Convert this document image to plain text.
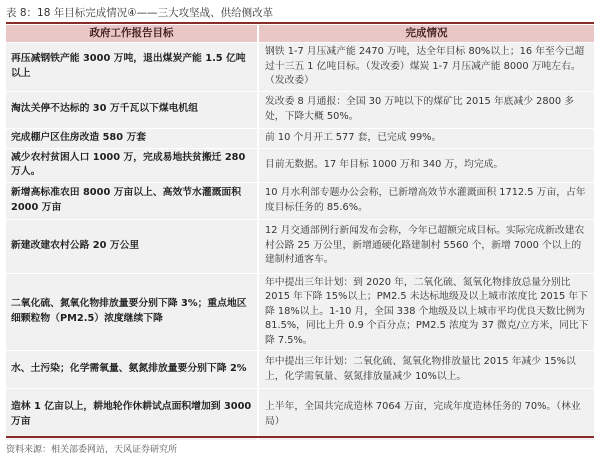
表 8：18 年目标完成情况④——三大攻坚战、供给侧改革
政府工作报告目标	完成情况
再压减钢铁产能 3000 万吨，退出煤炭产能 1.5 亿吨以上	钢铁 1-7 月压减产能 2470 万吨，达全年目标 80%以上；16 年至今已超过十三五 1 亿吨目标。（发改委）煤炭 1-7 月压减产能 8000 万吨左右。（发改委）
淘汰关停不达标的 30 万千瓦以下煤电机组	发改委 8 月通报：全国 30 万吨以下的煤矿比 2015 年底减少 2800 多处，下降大概 50%。
完成棚户区住房改造 580 万套	前 10 个月开工 577 套，已完成 99%。
减少农村贫困人口 1000 万，完成易地扶贫搬迁 280 万人。	目前无数据。17 年目标 1000 万和 340 万，均完成。
新增高标准农田 8000 万亩以上、高效节水灌溉面积 2000 万亩	10 月水利部专题办公会称，已新增高效节水灌溉面积 1712.5 万亩，占年度目标任务的 85.6%。
新建改建农村公路 20 万公里	12 月交通部例行新闻发布会称，今年已超额完成目标。实际完成新改建农村公路 25 万公里，新增通硬化路建制村 5560 个，新增 7000 个以上的建制村通客车。
二氧化硫、氮氧化物排放量要分别下降 3%；重点地区细颗粒物（PM2.5）浓度继续下降	年中提出三年计划：到 2020 年，二氧化硫、氮氧化物排放总量分别比 2015 年下降 15%以上；PM2.5 未达标地级及以上城市浓度比 2015 年下降 18%以上。1-10 月，全国 338 个地级及以上城市平均优良天数比例为 81.5%，同比上升 0.9 个百分点；PM2.5 浓度为 37 微克/立方米，同比下降 7.5%。
水、土污染；化学需氧量、氨氮排放量要分别下降 2%	年中提出三年计划：二氧化硫、氮氧化物排放量比 2015 年减少 15%以上，化学需氧量、氨氮排放量减少 10%以上。
造林 1 亿亩以上，耕地轮作休耕试点面积增加到 3000 万亩	上半年，全国共完成造林 7064 万亩，完成年度造林任务的 70%。（林业局）
资料来源：相关部委网站，天风证券研究所
